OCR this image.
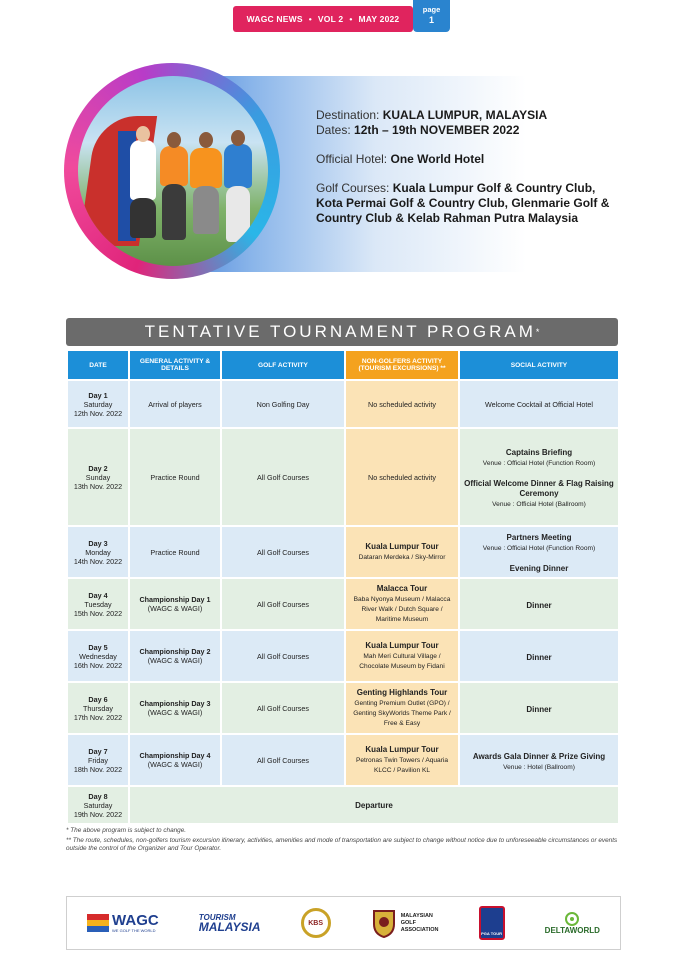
WAGC NEWS • VOL 2 • MAY 2022
page
1

Destination: KUALA LUMPUR, MALAYSIA

Dates: 12th – 19th NOVEMBER 2022

Official Hotel: One World Hotel

Golf Courses: Kuala Lumpur Golf & Country Club, Kota Permai Golf & Country Club, Glenmarie Golf & Country Club & Kelab Rahman Putra Malaysia

TENTATIVE TOURNAMENT PROGRAM *
DATE	GENERAL ACTIVITY & DETAILS	GOLF ACTIVITY	NON-GOLFERS ACTIVITY (TOURISM EXCURSIONS) **	SOCIAL ACTIVITY
Day 1
Saturday
12th Nov. 2022	Arrival of players	Non Golfing Day	No scheduled activity	Welcome Cocktail at Official Hotel
Day 2
Sunday
13th Nov. 2022	Practice Round	All Golf Courses	No scheduled activity	Captains Briefing
Venue : Official Hotel (Function Room)
Official Welcome Dinner & Flag Raising Ceremony
Venue : Official Hotel (Ballroom)
Day 3
Monday
14th Nov. 2022	Practice Round	All Golf Courses	Kuala Lumpur Tour
Dataran Merdeka / Sky-Mirror	Partners Meeting
Venue : Official Hotel (Function Room)
Evening Dinner

Day 4
Tuesday
15th Nov. 2022	Championship Day 1
(WAGC & WAGI)	All Golf Courses	Malacca Tour
Baba Nyonya Museum / Malacca River Walk / Dutch Square / Maritime Museum	Dinner

Day 5
Wednesday
16th Nov. 2022	Championship Day 2
(WAGC & WAGI)	All Golf Courses	Kuala Lumpur Tour
Mah Meri Cultural Village / Chocolate Museum by Fidani	Dinner

Day 6
Thursday
17th Nov. 2022	Championship Day 3
(WAGC & WAGI)	All Golf Courses	Genting Highlands Tour
Genting Premium Outlet (GPO) / Genting SkyWorlds Theme Park / Free & Easy	Dinner

Day 7
Friday
18th Nov. 2022	Championship Day 4
(WAGC & WAGI)	All Golf Courses	Kuala Lumpur Tour
Petronas Twin Towers / Aquaria KLCC / Pavilion KL	Awards Gala Dinner & Prize Giving
Venue : Hotel (Ballroom)
Day 8
Saturday
19th Nov. 2022	Departure			

* The above program is subject to change.

** The route, schedules, non-golfers tourism excursion itinerary, activities, amenities and mode of transportation are subject to change without notice due to unforeseeable circumstances or events outside the control of the Organizer and Tour Operator.

WAGC
WE GOLF THE WORLD
TOURISM
MALAYSIA	KBS
MALAYSIAN
GOLF
ASSOCIATION
PGA TOUR	DELTAWORLD
